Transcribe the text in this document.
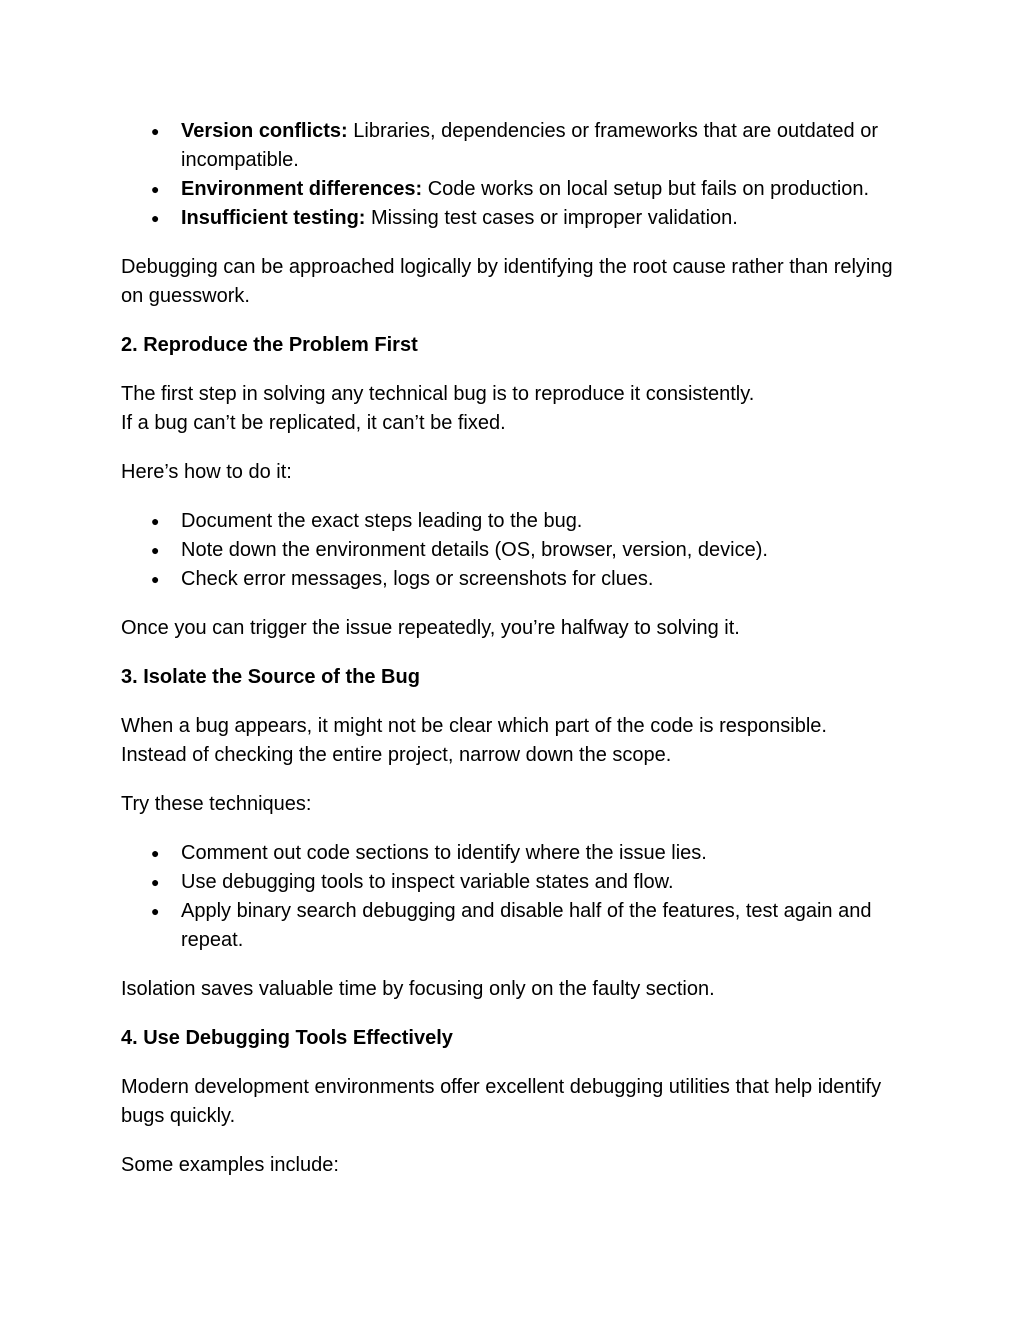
● Version conflicts: Libraries, dependencies or frameworks that are outdated or incompatible.
● Environment differences: Code works on local setup but fails on production.
● Insufficient testing: Missing test cases or improper validation.

Debugging can be approached logically by identifying the root cause rather than relying on guesswork.

2. Reproduce the Problem First

The first step in solving any technical bug is to reproduce it consistently.
If a bug can’t be replicated, it can’t be fixed.

Here’s how to do it:

● Document the exact steps leading to the bug.
● Note down the environment details (OS, browser, version, device).
● Check error messages, logs or screenshots for clues.

Once you can trigger the issue repeatedly, you’re halfway to solving it.

3. Isolate the Source of the Bug

When a bug appears, it might not be clear which part of the code is responsible.
Instead of checking the entire project, narrow down the scope.

Try these techniques:

● Comment out code sections to identify where the issue lies.
● Use debugging tools to inspect variable states and flow.
● Apply binary search debugging and disable half of the features, test again and repeat.

Isolation saves valuable time by focusing only on the faulty section.

4. Use Debugging Tools Effectively

Modern development environments offer excellent debugging utilities that help identify bugs quickly.

Some examples include:
